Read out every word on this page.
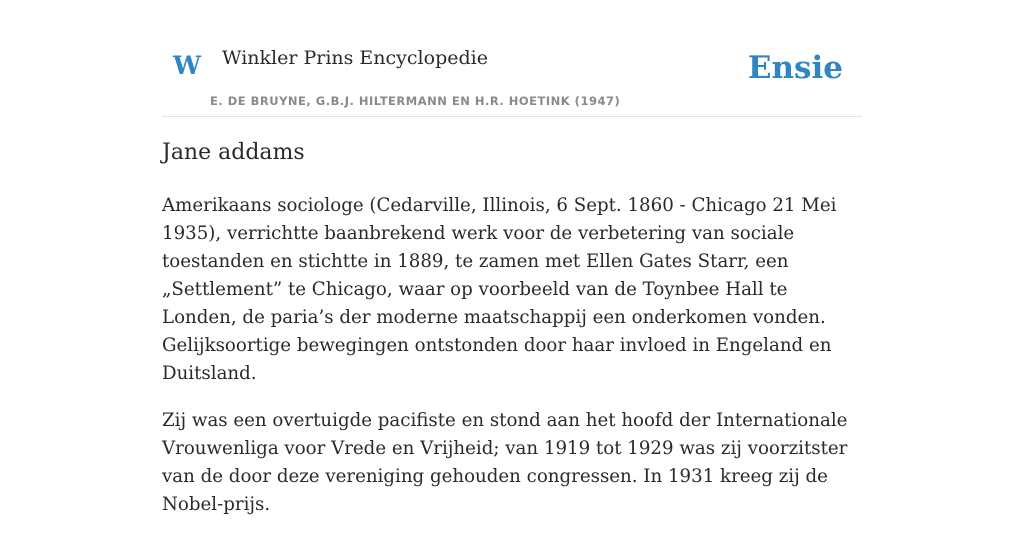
W Winkler Prins Encyclopedie
E. DE BRUYNE, G.B.J. HILTERMANN EN H.R. HOETINK (1947)
Ensie
Jane addams

Amerikaans sociologe (Cedarville, Illinois, 6 Sept. 1860 - Chicago 21 Mei 1935), verrichtte baanbrekend werk voor de verbetering van sociale toestanden en stichtte in 1889, te zamen met Ellen Gates Starr, een „Settlement” te Chicago, waar op voorbeeld van de Toynbee Hall te Londen, de paria’s der moderne maatschappij een onderkomen vonden. Gelijksoortige bewegingen ontstonden door haar invloed in Engeland en Duitsland.

Zij was een overtuigde pacifiste en stond aan het hoofd der Internationale Vrouwenliga voor Vrede en Vrijheid; van 1919 tot 1929 was zij voorzitster van de door deze vereniging gehouden congressen. In 1931 kreeg zij de Nobel-prijs.
